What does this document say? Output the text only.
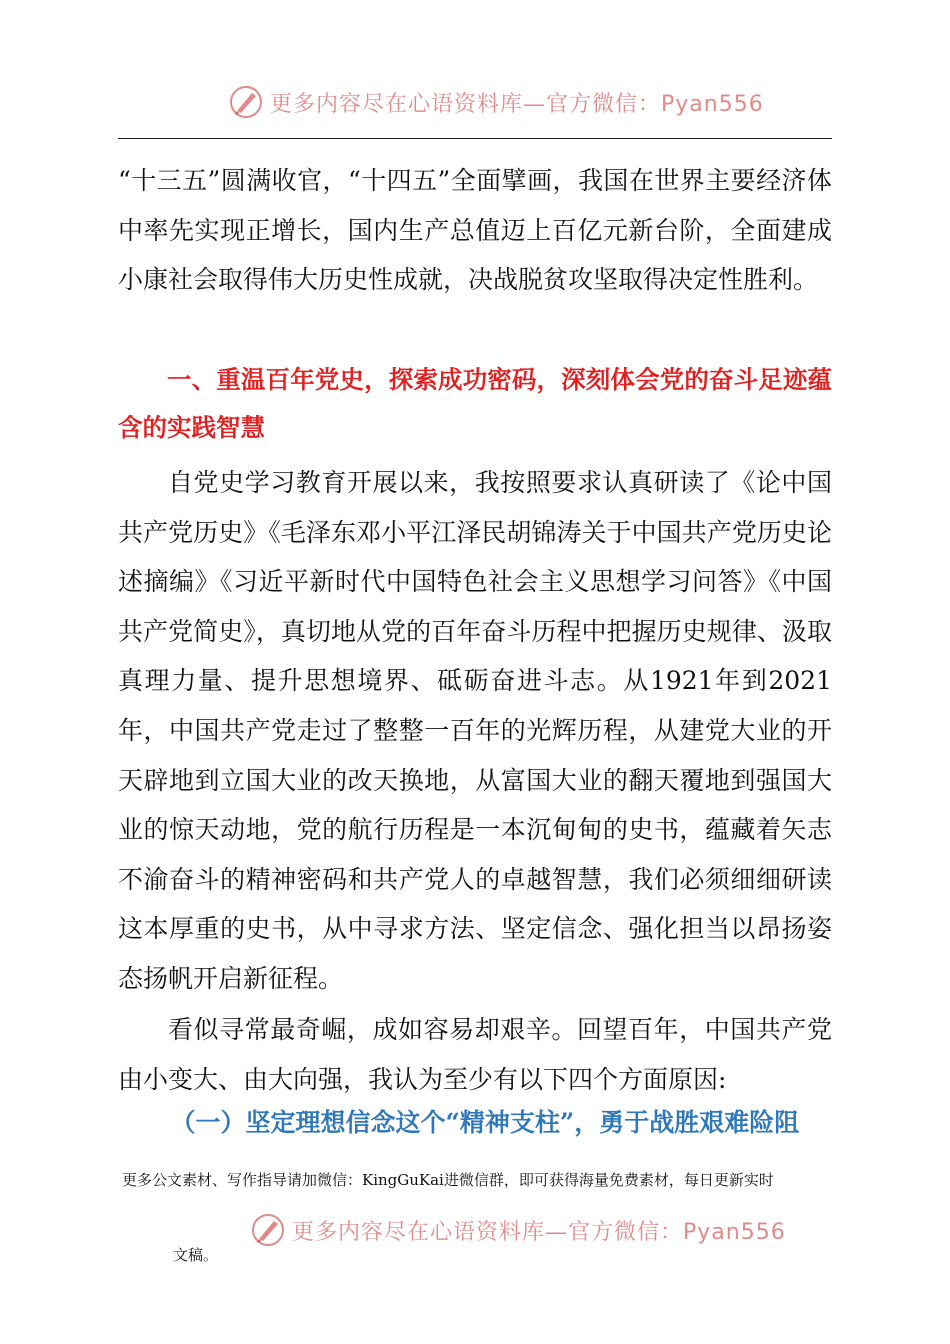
更多内容尽在心语资料库—官方微信：Pyan556

“十三五”圆满收官，“十四五”全面擘画，我国在世界主要经济体中率先实现正增长，国内生产总值迈上百亿元新台阶，全面建成小康社会取得伟大历史性成就，决战脱贫攻坚取得决定性胜利。

一、重温百年党史，探索成功密码，深刻体会党的奋斗足迹蕴含的实践智慧

自党史学习教育开展以来，我按照要求认真研读了《论中国共产党历史》《毛泽东邓小平江泽民胡锦涛关于中国共产党历史论述摘编》《习近平新时代中国特色社会主义思想学习问答》《中国共产党简史》，真切地从党的百年奋斗历程中把握历史规律、汲取真理力量、提升思想境界、砥砺奋进斗志。从1921年到2021年，中国共产党走过了整整一百年的光辉历程，从建党大业的开天辟地到立国大业的改天换地，从富国大业的翻天覆地到强国大业的惊天动地，党的航行历程是一本沉甸甸的史书，蕴藏着矢志不渝奋斗的精神密码和共产党人的卓越智慧，我们必须细细研读这本厚重的史书，从中寻求方法、坚定信念、强化担当以昂扬姿态扬帆开启新征程。

看似寻常最奇崛，成如容易却艰辛。回望百年，中国共产党由小变大、由大向强，我认为至少有以下四个方面原因:

（一）坚定理想信念这个“精神支柱”，勇于战胜艰难险阻

更多公文素材、写作指导请加微信：KingGuKai进微信群，即可获得海量免费素材，每日更新实时

更多内容尽在心语资料库—官方微信：Pyan556

文稿。
